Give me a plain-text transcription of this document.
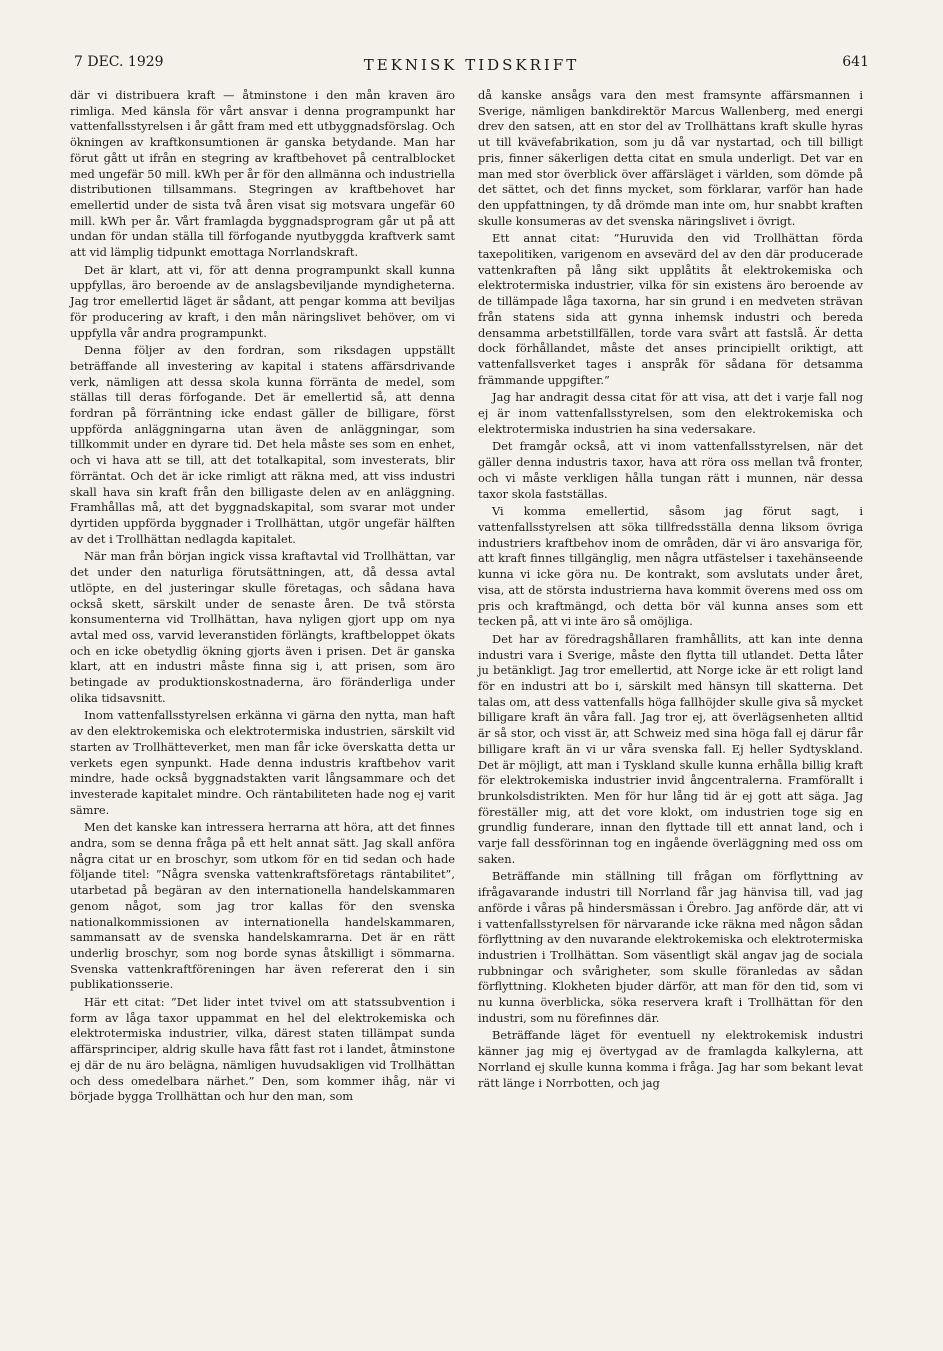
7 DEC. 1929	TEKNISK TIDSKRIFT	641

där vi distribuera kraft — åtminstone i den mån kraven äro rimliga. Med känsla för vårt ansvar i denna programpunkt har vattenfallsstyrelsen i år gått fram med ett utbyggnadsförslag. Och ökningen av kraftkonsumtionen är ganska betydande. Man har förut gått ut ifrån en stegring av kraftbehovet på centralblocket med ungefär 50 mill. kWh per år för den allmänna och industriella distributionen tillsammans. Stegringen av kraftbehovet har emellertid under de sista två åren visat sig motsvara ungefär 60 mill. kWh per år. Vårt framlagda byggnadsprogram går ut på att undan för undan ställa till förfogande nyutbyggda kraftverk samt att vid lämplig tidpunkt emottaga Norrlandskraft.

Det är klart, att vi, för att denna programpunkt skall kunna uppfyllas, äro beroende av de anslagsbeviljande myndigheterna. Jag tror emellertid läget är sådant, att pengar komma att beviljas för producering av kraft, i den mån näringslivet behöver, om vi uppfylla vår andra programpunkt.

Denna följer av den fordran, som riksdagen uppställt beträffande all investering av kapital i statens affärsdrivande verk, nämligen att dessa skola kunna förränta de medel, som ställas till deras förfogande. Det är emellertid så, att denna fordran på förräntning icke endast gäller de billigare, först uppförda anläggningarna utan även de anläggningar, som tillkommit under en dyrare tid. Det hela måste ses som en enhet, och vi hava att se till, att det totalkapital, som investerats, blir förräntat. Och det är icke rimligt att räkna med, att viss industri skall hava sin kraft från den billigaste delen av en anläggning. Framhållas må, att det byggnadskapital, som svarar mot under dyrtiden uppförda byggnader i Trollhättan, utgör ungefär hälften av det i Trollhättan nedlagda kapitalet.

När man från början ingick vissa kraftavtal vid Trollhättan, var det under den naturliga förutsättningen, att, då dessa avtal utlöpte, en del justeringar skulle företagas, och sådana hava också skett, särskilt under de senaste åren. De två största konsumenterna vid Trollhättan, hava nyligen gjort upp om nya avtal med oss, varvid leveranstiden förlängts, kraftbeloppet ökats och en icke obetydlig ökning gjorts även i prisen. Det är ganska klart, att en industri måste finna sig i, att prisen, som äro betingade av produktionskostnaderna, äro föränderliga under olika tidsavsnitt.

Inom vattenfallsstyrelsen erkänna vi gärna den nytta, man haft av den elektrokemiska och elektrotermiska industrien, särskilt vid starten av Trollhätteverket, men man får icke överskatta detta ur verkets egen synpunkt. Hade denna industris kraftbehov varit mindre, hade också byggnadstakten varit långsammare och det investerade kapitalet mindre. Och räntabiliteten hade nog ej varit sämre.

Men det kanske kan intressera herrarna att höra, att det finnes andra, som se denna fråga på ett helt annat sätt. Jag skall anföra några citat ur en broschyr, som utkom för en tid sedan och hade följande titel: ”Några svenska vattenkraftsföretags räntabilitet”, utarbetad på begäran av den internationella handelskammaren genom något, som jag tror kallas för den svenska nationalkommissionen av internationella handelskammaren, sammansatt av de svenska handelskamrarna. Det är en rätt underlig broschyr, som nog borde synas åtskilligt i sömmarna. Svenska vattenkraftföreningen har även refererat den i sin publikationsserie.

Här ett citat: ”Det lider intet tvivel om att statssubvention i form av låga taxor uppammat en hel del elektrokemiska och elektrotermiska industrier, vilka, därest staten tillämpat sunda affärsprinciper, aldrig skulle hava fått fast rot i landet, åtminstone ej där de nu äro belägna, nämligen huvudsakligen vid Trollhättan och dess omedelbara närhet.” Den, som kommer ihåg, när vi började bygga Trollhättan och hur den man, som

då kanske ansågs vara den mest framsynte affärsmannen i Sverige, nämligen bankdirektör Marcus Wallenberg, med energi drev den satsen, att en stor del av Trollhättans kraft skulle hyras ut till kvävefabrikation, som ju då var nystartad, och till billigt pris, finner säkerligen detta citat en smula underligt. Det var en man med stor överblick över affärsläget i världen, som dömde på det sättet, och det finns mycket, som förklarar, varför han hade den uppfattningen, ty då drömde man inte om, hur snabbt kraften skulle konsumeras av det svenska näringslivet i övrigt.

Ett annat citat: ”Huruvida den vid Trollhättan förda taxepolitiken, varigenom en avsevärd del av den där producerade vattenkraften på lång sikt upplåtits åt elektrokemiska och elektrotermiska industrier, vilka för sin existens äro beroende av de tillämpade låga taxorna, har sin grund i en medveten strävan från statens sida att gynna inhemsk industri och bereda densamma arbetstillfällen, torde vara svårt att fastslå. Är detta dock förhållandet, måste det anses principiellt oriktigt, att vattenfallsverket tages i anspråk för sådana för detsamma främmande uppgifter.”

Jag har andragit dessa citat för att visa, att det i varje fall nog ej är inom vattenfallsstyrelsen, som den elektrokemiska och elektrotermiska industrien ha sina vedersakare.

Det framgår också, att vi inom vattenfallsstyrelsen, när det gäller denna industris taxor, hava att röra oss mellan två fronter, och vi måste verkligen hålla tungan rätt i munnen, när dessa taxor skola fastställas.

Vi komma emellertid, såsom jag förut sagt, i vattenfallsstyrelsen att söka tillfredsställa denna liksom övriga industriers kraftbehov inom de områden, där vi äro ansvariga för, att kraft finnes tillgänglig, men några utfästelser i taxehänseende kunna vi icke göra nu. De kontrakt, som avslutats under året, visa, att de största industrierna hava kommit överens med oss om pris och kraftmängd, och detta bör väl kunna anses som ett tecken på, att vi inte äro så omöjliga.

Det har av föredragshållaren framhållits, att kan inte denna industri vara i Sverige, måste den flytta till utlandet. Detta låter ju betänkligt. Jag tror emellertid, att Norge icke är ett roligt land för en industri att bo i, särskilt med hänsyn till skatterna. Det talas om, att dess vattenfalls höga fallhöjder skulle giva så mycket billigare kraft än våra fall. Jag tror ej, att överlägsenheten alltid är så stor, och visst är, att Schweiz med sina höga fall ej därur får billigare kraft än vi ur våra svenska fall. Ej heller Sydtyskland. Det är möjligt, att man i Tyskland skulle kunna erhålla billig kraft för elektrokemiska industrier invid ångcentralerna. Framförallt i brunkolsdistrikten. Men för hur lång tid är ej gott att säga. Jag föreställer mig, att det vore klokt, om industrien toge sig en grundlig funderare, innan den flyttade till ett annat land, och i varje fall dessförinnan tog en ingående överläggning med oss om saken.

Beträffande min ställning till frågan om förflyttning av ifrågavarande industri till Norrland får jag hänvisa till, vad jag anförde i våras på hindersmässan i Örebro. Jag anförde där, att vi i vattenfallsstyrelsen för närvarande icke räkna med någon sådan förflyttning av den nuvarande elektrokemiska och elektrotermiska industrien i Trollhättan. Som väsentligt skäl angav jag de sociala rubbningar och svårigheter, som skulle föranledas av sådan förflyttning. Klokheten bjuder därför, att man för den tid, som vi nu kunna överblicka, söka reservera kraft i Trollhättan för den industri, som nu förefinnes där.

Beträffande läget för eventuell ny elektrokemisk industri känner jag mig ej övertygad av de framlagda kalkylerna, att Norrland ej skulle kunna komma i fråga. Jag har som bekant levat rätt länge i Norrbotten, och jag
